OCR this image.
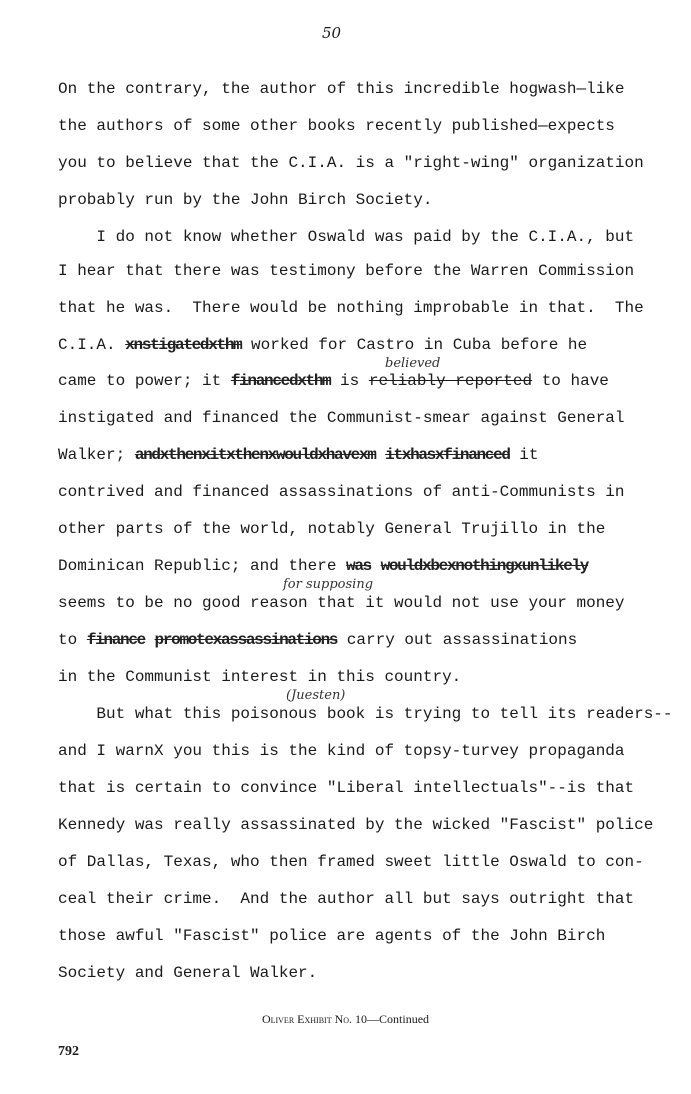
50
On the contrary, the author of this incredible hogwash—like
the authors of some other books recently published—expects
you to believe that the C.I.A. is a "right-wing" organization
probably run by the John Birch Society.
I do not know whether Oswald was paid by the C.I.A., but
I hear that there was testimony before the Warren Commission
that he was.  There would be nothing improbable in that.  The
C.I.A. xnstigatedxthm worked for Castro in Cuba before he
came to power; it financedxthm is reliably reported to have
instigated and financed the Communist-smear against General
Walker; andxthenxitxthenxwouldxhavexm itxhasxfinanced it
contrived and financed assassinations of anti-Communists in
other parts of the world, notably General Trujillo in the
Dominican Republic; and there was wouldxbexnothingxunlikely
seems to be no good reason that it would not use your money
to finance promotexassassinations carry out assassinations
in the Communist interest in this country.
But what this poisonous book is trying to tell its readers--
and I warnX you this is the kind of topsy-turvey propaganda
that is certain to convince "Liberal intellectuals"--is that
Kennedy was really assassinated by the wicked "Fascist" police
of Dallas, Texas, who then framed sweet little Oswald to con-
ceal their crime.  And the author all but says outright that
those awful "Fascist" police are agents of the John Birch
Society and General Walker.
believed
for supposing
(Juesten)
Oliver Exhibit No. 10—Continued
792
